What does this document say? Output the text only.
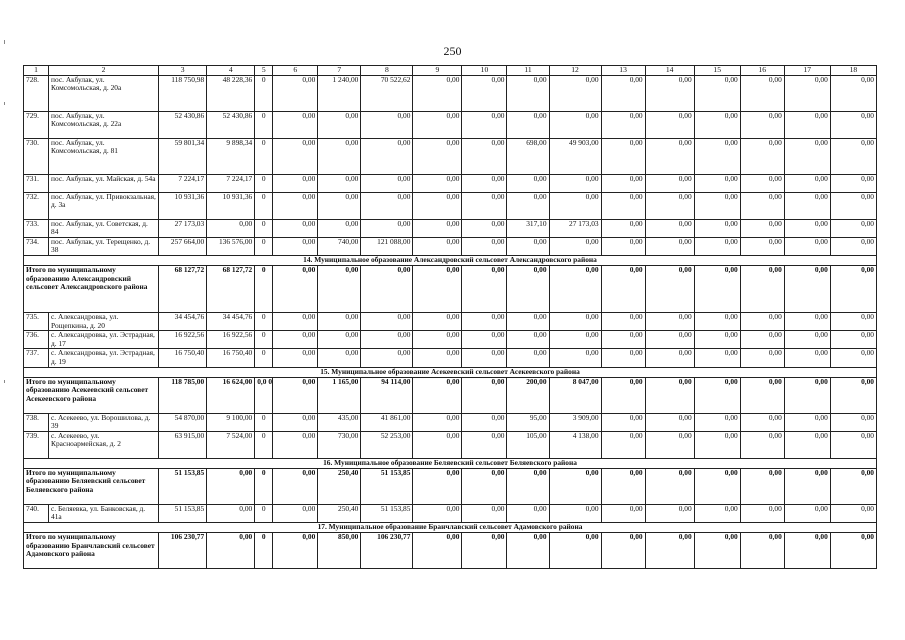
250
1	2	3	4	5	6	7	8	9	10	11	12	13	14	15	16	17	18
728.	пос. Акбулак, ул. Комсомольская, д. 20а	118 750,98	48 228,36	0	0,00	1 240,00	70 522,62	0,00	0,00	0,00	0,00	0,00	0,00	0,00	0,00	0,00	0,00
729.	пос. Акбулак, ул. Комсомольская, д. 22а	52 430,86	52 430,86	0	0,00	0,00	0,00	0,00	0,00	0,00	0,00	0,00	0,00	0,00	0,00	0,00	0,00
730.	пос. Акбулак, ул. Комсомольская, д. 81	59 801,34	9 898,34	0	0,00	0,00	0,00	0,00	0,00	698,00	49 903,00	0,00	0,00	0,00	0,00	0,00	0,00
731.	пос. Акбулак, ул. Майская, д. 54а	7 224,17	7 224,17	0	0,00	0,00	0,00	0,00	0,00	0,00	0,00	0,00	0,00	0,00	0,00	0,00	0,00
732.	пос. Акбулак, ул. Привокзальная, д. 3а	10 931,36	10 931,36	0	0,00	0,00	0,00	0,00	0,00	0,00	0,00	0,00	0,00	0,00	0,00	0,00	0,00
733.	пос. Акбулак, ул. Советская, д. 84	27 173,03	0,00	0	0,00	0,00	0,00	0,00	0,00	317,10	27 173,03	0,00	0,00	0,00	0,00	0,00	0,00
734.	пос. Акбулак, ул. Терещенко, д. 38	257 664,00	136 576,00	0	0,00	740,00	121 088,00	0,00	0,00	0,00	0,00	0,00	0,00	0,00	0,00	0,00	0,00
14. Муниципальное образование Александровский сельсовет Александровского района																	
Итого по муниципальному образованию Александровский сельсовет Александровского района		68 127,72	68 127,72	0	0,00	0,00	0,00	0,00	0,00	0,00	0,00	0,00	0,00	0,00	0,00	0,00	0,00
735.	с. Александровка, ул. Рощепкина, д. 20	34 454,76	34 454,76	0	0,00	0,00	0,00	0,00	0,00	0,00	0,00	0,00	0,00	0,00	0,00	0,00	0,00
736.	с. Александровка, ул. Эстрадная, д. 17	16 922,56	16 922,56	0	0,00	0,00	0,00	0,00	0,00	0,00	0,00	0,00	0,00	0,00	0,00	0,00	0,00
737.	с. Александровка, ул. Эстрадная, д. 19	16 750,40	16 750,40	0	0,00	0,00	0,00	0,00	0,00	0,00	0,00	0,00	0,00	0,00	0,00	0,00	0,00
15. Муниципальное образование Асекеевский сельсовет Асекеевского района																	
Итого по муниципальному образованию Асекеевский сельсовет Асекеевского района		118 785,00	16 624,00	0,0 0	0,00	1 165,00	94 114,00	0,00	0,00	200,00	8 047,00	0,00	0,00	0,00	0,00	0,00	0,00
738.	с. Асекеево, ул. Ворошилова, д. 39	54 870,00	9 100,00	0	0,00	435,00	41 861,00	0,00	0,00	95,00	3 909,00	0,00	0,00	0,00	0,00	0,00	0,00
739.	с. Асекеево, ул. Красноармейская, д. 2	63 915,00	7 524,00	0	0,00	730,00	52 253,00	0,00	0,00	105,00	4 138,00	0,00	0,00	0,00	0,00	0,00	0,00
16. Муниципальное образование Беляевский сельсовет Беляевского района																	
Итого по муниципальному образованию Беляевский сельсовет Беляевского района		51 153,85	0,00	0	0,00	250,40	51 153,85	0,00	0,00	0,00	0,00	0,00	0,00	0,00	0,00	0,00	0,00
740.	с. Беляевка, ул. Банковская, д. 41а	51 153,85	0,00	0	0,00	250,40	51 153,85	0,00	0,00	0,00	0,00	0,00	0,00	0,00	0,00	0,00	0,00
17. Муниципальное образование Бранчлавский сельсовет Адамовского района																	
Итого по муниципальному образованию Бранчлавский сельсовет Адамовского района		106 230,77	0,00	0	0,00	850,00	106 230,77	0,00	0,00	0,00	0,00	0,00	0,00	0,00	0,00	0,00	0,00
